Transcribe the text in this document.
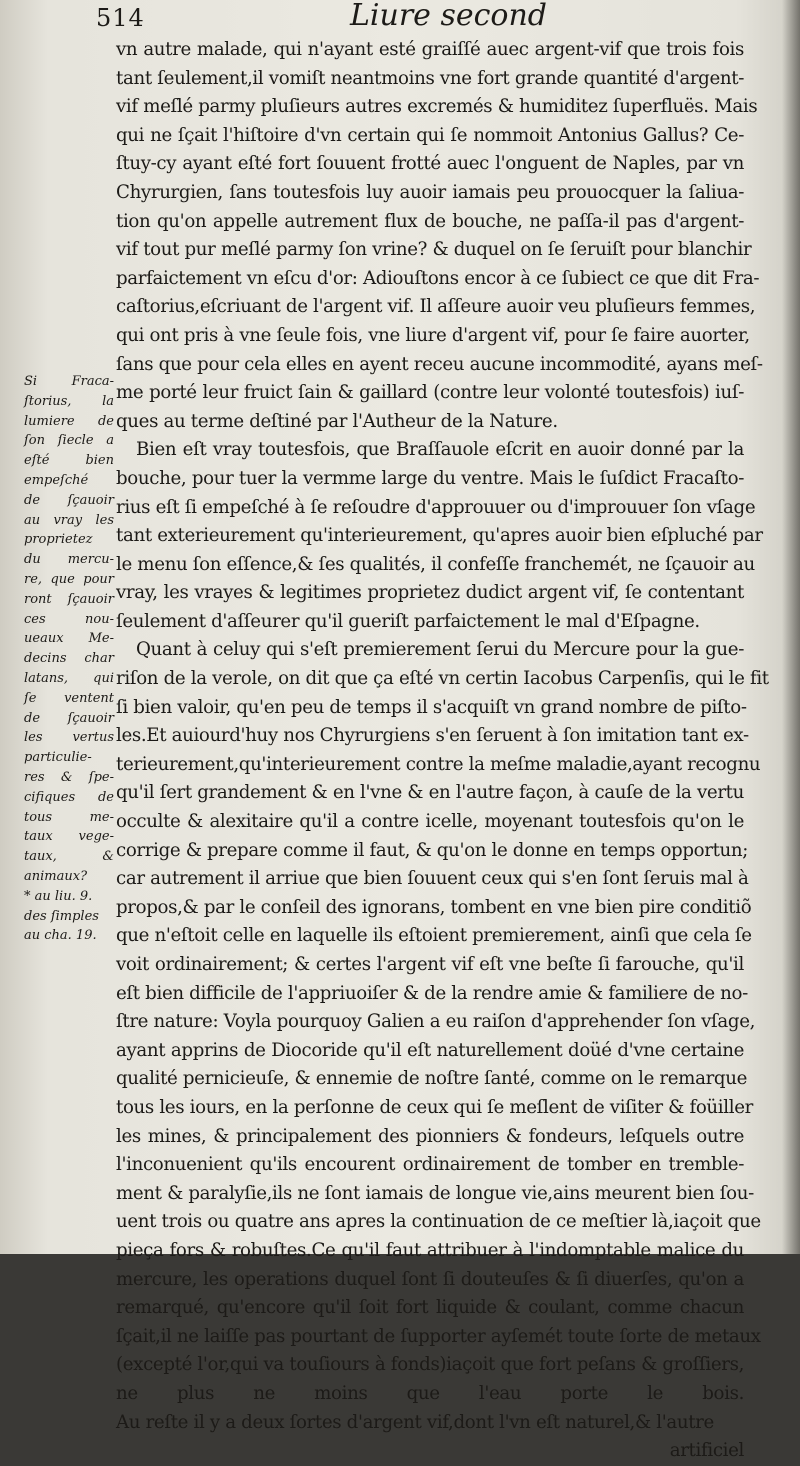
514	Liure second
vn autre malade, qui n'ayant esté graiſſé auec argent-vif que trois fois
tant ſeulement,il vomiſt neantmoins vne fort grande quantité d'argent-
vif meſlé parmy pluſieurs autres excremés & humiditez ſuperfluës. Mais
qui ne ſçait l'hiſtoire d'vn certain qui ſe nommoit Antonius Gallus? Ce-
ſtuy-cy ayant eſté fort ſouuent frotté auec l'onguent de Naples, par vn
Chyrurgien, ſans toutesfois luy auoir iamais peu prouocquer la ſaliua-
tion qu'on appelle autrement flux de bouche, ne paſſa-il pas d'argent-
vif tout pur meſlé parmy ſon vrine? & duquel on ſe ſeruiſt pour blanchir
parfaictement vn eſcu d'or: Adiouſtons encor à ce ſubiect ce que dit Fra-
caſtorius,eſcriuant de l'argent vif. Il aſſeure auoir veu pluſieurs femmes,
qui ont pris à vne ſeule fois, vne liure d'argent vif, pour ſe faire auorter,
ſans que pour cela elles en ayent receu aucune incommodité, ayans meſ-
me porté leur fruict ſain & gaillard (contre leur volonté toutesfois) iuſ-
ques au terme deſtiné par l'Autheur de la Nature.
Bien eſt vray toutesfois, que Braſſauole eſcrit en auoir donné par la
bouche, pour tuer la vermme large du ventre. Mais le ſuſdict Fracaſto-
rius eſt ſi empeſché à ſe reſoudre d'approuuer ou d'improuuer ſon vſage
tant exterieurement qu'interieurement, qu'apres auoir bien eſpluché par
le menu ſon eſſence,& ſes qualités, il confeſſe franchemét, ne ſçauoir au
vray, les vrayes & legitimes proprietez dudict argent vif, ſe contentant
ſeulement d'aſſeurer qu'il gueriſt parfaictement le mal d'Eſpagne.
Quant à celuy qui s'eſt premierement ſerui du Mercure pour la gue-
riſon de la verole, on dit que ça eſté vn certin Iacobus Carpenſis, qui le fit
ſi bien valoir, qu'en peu de temps il s'acquiſt vn grand nombre de piſto-
les.Et auiourd'huy nos Chyrurgiens s'en ſeruent à ſon imitation tant ex-
terieurement,qu'interieurement contre la meſme maladie,ayant recognu
qu'il ſert grandement & en l'vne & en l'autre façon, à cauſe de la vertu
occulte & alexitaire qu'il a contre icelle, moyenant toutesfois qu'on le
corrige & prepare comme il faut, & qu'on le donne en temps opportun;
car autrement il arriue que bien ſouuent ceux qui s'en ſont ſeruis mal à
propos,& par le conſeil des ignorans, tombent en vne bien pire conditiõ
que n'eſtoit celle en laquelle ils eſtoient premierement, ainſi que cela ſe
voit ordinairement; & certes l'argent vif eſt vne beſte ſi farouche, qu'il
eſt bien difficile de l'appriuoiſer & de la rendre amie & familiere de no-
ſtre nature: Voyla pourquoy Galien a eu raiſon d'apprehender ſon vſage,
ayant apprins de Diocoride qu'il eſt naturellement doüé d'vne certaine
qualité pernicieuſe, & ennemie de noſtre ſanté, comme on le remarque
tous les iours, en la perſonne de ceux qui ſe meſlent de viſiter & foüiller
les mines, & principalement des pionniers & fondeurs, leſquels outre
l'inconuenient qu'ils encourent ordinairement de tomber en tremble-
ment & paralyſie,ils ne ſont iamais de longue vie,ains meurent bien ſou-
uent trois ou quatre ans apres la continuation de ce meſtier là,iaçoit que
pieça fors & robuſtes.Ce qu'il faut attribuer à l'indomptable malice du
mercure, les operations duquel ſont ſi douteuſes & ſi diuerſes, qu'on a
remarqué, qu'encore qu'il ſoit fort liquide & coulant, comme chacun
ſçait,il ne laiſſe pas pourtant de ſupporter ayſemét toute ſorte de metaux
(excepté l'or,qui va touſiours à fonds)iaçoit que fort peſans & groſſiers,
ne plus ne moins que l'eau porte le bois.
Au reſte il y a deux ſortes d'argent vif,dont l'vn eſt naturel,& l'autre
artificiel
Si Fraca-
ſtorius, la
lumiere de
ſon ſiecle a
eſté bien
empeſché
de ſçauoir
au vray les
proprietez
du mercu-
re, que pour
ront ſçauoir
ces nou-
ueaux Me-
decins char
latans, qui
ſe ventent
de ſçauoir
les vertus
particulie-
res & ſpe-
cifiques de
tous me-
taux vege-
taux, &
animaux?
* au liu. 9.
des ſimples
au cha. 19.
